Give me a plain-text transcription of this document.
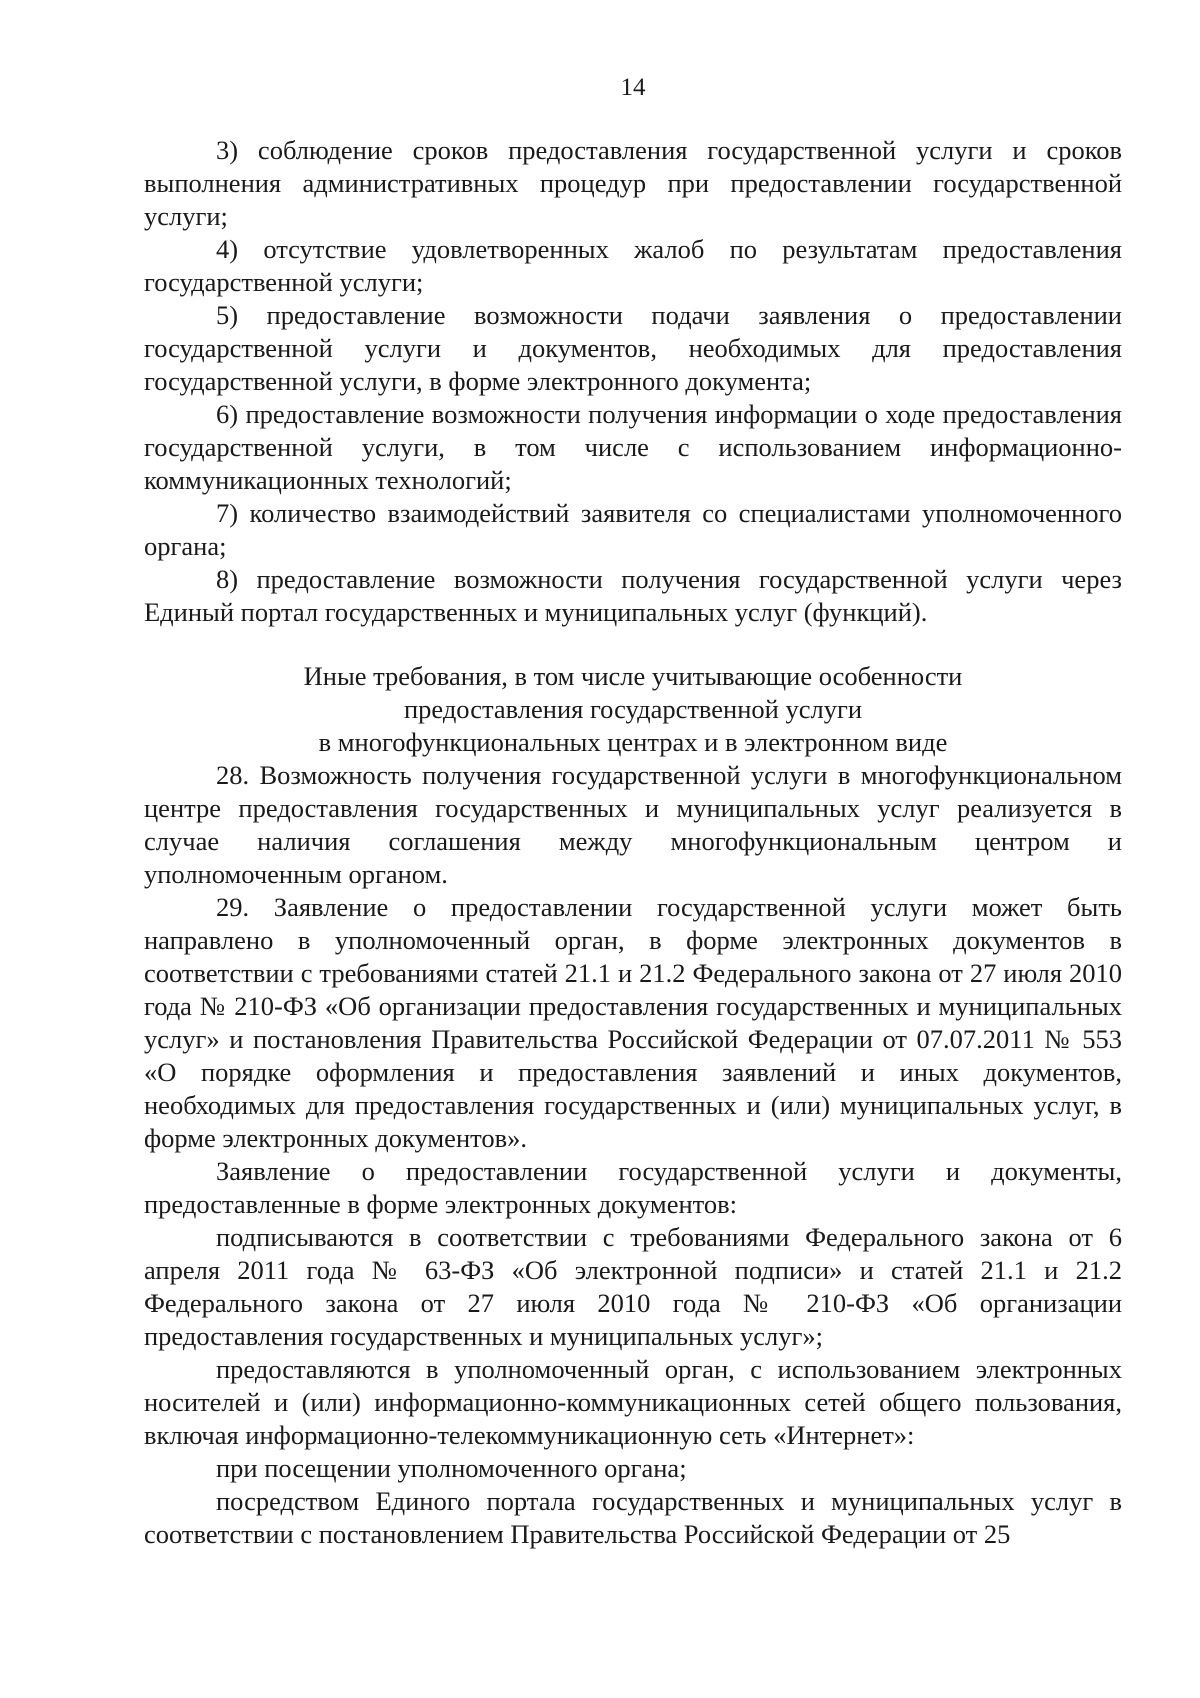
14

3) соблюдение сроков предоставления государственной услуги и сроков выполнения административных процедур при предоставлении государственной услуги;

4) отсутствие удовлетворенных жалоб по результатам предоставления государственной услуги;

5) предоставление возможности подачи заявления о предоставлении государственной услуги и документов, необходимых для предоставления государственной услуги, в форме электронного документа;

6) предоставление возможности получения информации о ходе предоставления государственной услуги, в том числе с использованием информационно-коммуникационных технологий;

7) количество взаимодействий заявителя со специалистами уполномоченного органа;

8) предоставление возможности получения государственной услуги через Единый портал государственных и муниципальных услуг (функций).

Иные требования, в том числе учитывающие особенности
предоставления государственной услуги
в многофункциональных центрах и в электронном виде

28. Возможность получения государственной услуги в многофункциональном центре предоставления государственных и муниципальных услуг реализуется в случае наличия соглашения между многофункциональным центром и уполномоченным органом.

29. Заявление о предоставлении государственной услуги может быть направлено в уполномоченный орган, в форме электронных документов в соответствии с требованиями статей 21.1 и 21.2 Федерального закона от 27 июля 2010 года № 210-ФЗ «Об организации предоставления государственных и муниципальных услуг» и постановления Правительства Российской Федерации от 07.07.2011 № 553 «О порядке оформления и предоставления заявлений и иных документов, необходимых для предоставления государственных и (или) муниципальных услуг, в форме электронных документов».

Заявление о предоставлении государственной услуги и документы, предоставленные в форме электронных документов:

подписываются в соответствии с требованиями Федерального закона от 6 апреля 2011 года № 63-ФЗ «Об электронной подписи» и статей 21.1 и 21.2 Федерального закона от 27 июля 2010 года № 210-ФЗ «Об организации предоставления государственных и муниципальных услуг»;

предоставляются в уполномоченный орган, с использованием электронных носителей и (или) информационно-коммуникационных сетей общего пользования, включая информационно-телекоммуникационную сеть «Интернет»:

при посещении уполномоченного органа;

посредством Единого портала государственных и муниципальных услуг в соответствии с постановлением Правительства Российской Федерации от 25
